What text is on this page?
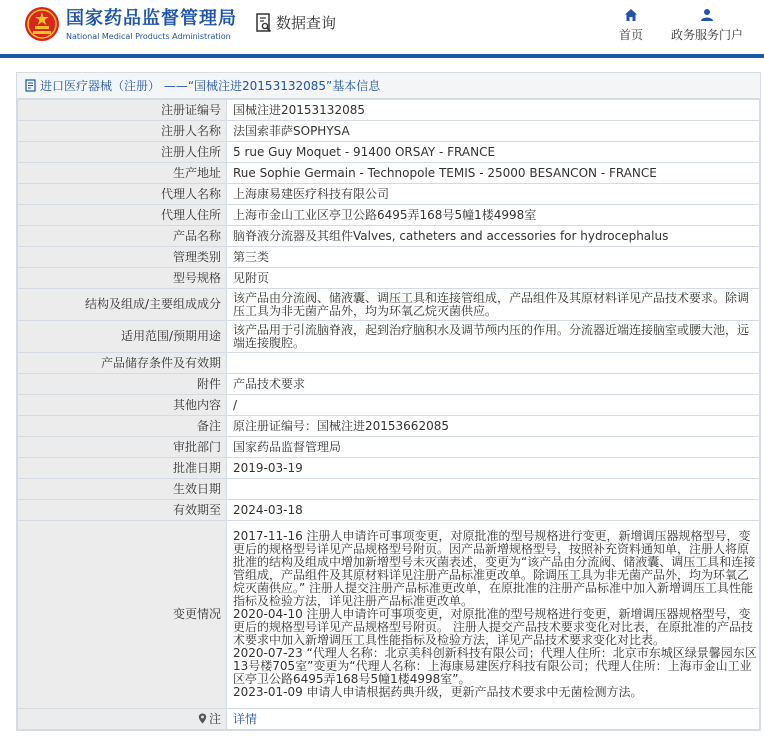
国家药品监督管理局
National Medical Products Administration
数据查询
首页 政务服务门户
进口医疗器械（注册） ——“国械注进20153132085”基本信息
注册证编号	国械注进20153132085
注册人名称	法国索菲萨SOPHYSA
注册人住所	5 rue Guy Moquet - 91400 ORSAY - FRANCE
生产地址	Rue Sophie Germain - Technopole TEMIS - 25000 BESANCON - FRANCE
代理人名称	上海康易建医疗科技有限公司
代理人住所	上海市金山工业区亭卫公路6495弄168号5幢1楼4998室
产品名称	脑脊液分流器及其组件Valves, catheters and accessories for hydrocephalus
管理类别	第三类
型号规格	见附页
结构及组成/主要组成成分	该产品由分流阀、储液囊、调压工具和连接管组成，产品组件及其原材料详见产品技术要求。除调压工具为非无菌产品外，均为环氧乙烷灭菌供应。
适用范围/预期用途	该产品用于引流脑脊液，起到治疗脑积水及调节颅内压的作用。分流器近端连接脑室或腰大池，远端连接腹腔。
产品储存条件及有效期	
附件	产品技术要求
其他内容	/
备注	原注册证编号：国械注进20153662085
审批部门	国家药品监督管理局
批准日期	2019-03-19
生效日期	
有效期至	2024-03-18
变更情况	2017-11-16 注册人申请许可事项变更，对原批准的型号规格进行变更，新增调压器规格型号，变更后的规格型号详见产品规格型号附页。因产品新增规格型号，按照补充资料通知单，注册人将原批准的结构及组成中增加新增型号未灭菌表述，变更为“该产品由分流阀、储液囊、调压工具和连接管组成，产品组件及其原材料详见注册产品标准更改单。除调压工具为非无菌产品外，均为环氧乙烷灭菌供应。” 注册人提交注册产品标准更改单，在原批准的注册产品标准中加入新增调压工具性能指标及检验方法，详见注册产品标准更改单。
2020-04-10 注册人申请许可事项变更，对原批准的型号规格进行变更，新增调压器规格型号，变更后的规格型号详见产品规格型号附页。 注册人提交产品技术要求变化对比表，在原批准的产品技术要求中加入新增调压工具性能指标及检验方法，详见产品技术要求变化对比表。
2020-07-23 “代理人名称：北京美科创新科技有限公司；代理人住所：北京市东城区绿景馨园东区13号楼705室”变更为“代理人名称：上海康易建医疗科技有限公司；代理人住所：上海市金山工业区亭卫公路6495弄168号5幢1楼4998室”。
2023-01-09 申请人申请根据药典升级，更新产品技术要求中无菌检测方法。
注	详情
